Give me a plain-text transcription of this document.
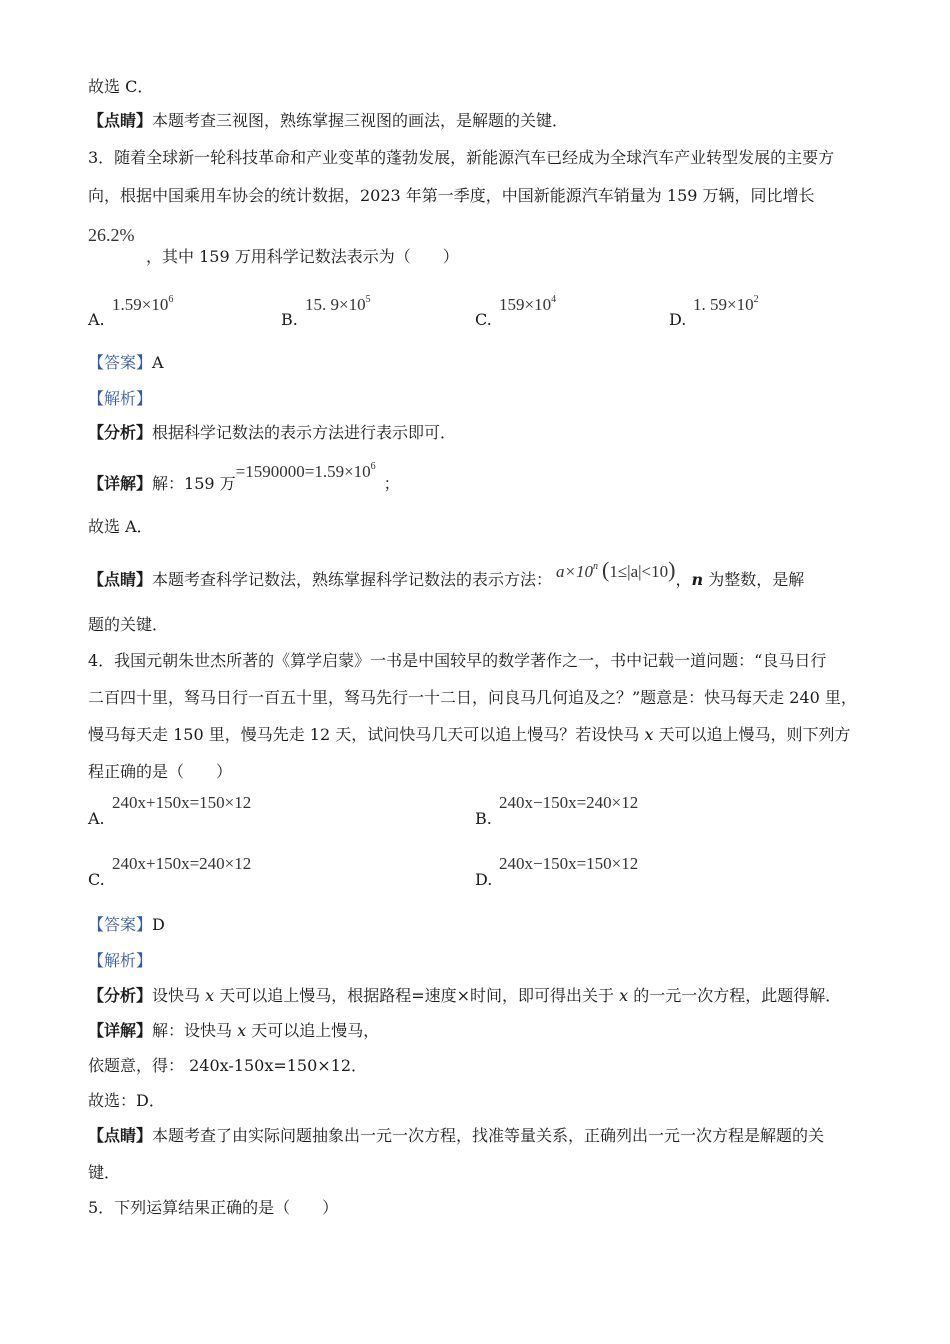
故选 C．
【点睛】本题考查三视图，熟练掌握三视图的画法，是解题的关键．
3．随着全球新一轮科技革命和产业变革的蓬勃发展，新能源汽车已经成为全球汽车产业转型发展的主要方
向，根据中国乘用车协会的统计数据，2023 年第一季度，中国新能源汽车销量为 159 万辆，同比增长
26.2%
，其中 159 万用科学记数法表示为（　　）
A.
$1.59\times 10^6$
B.
15. $9\times 10^5$
C.
$159\times 10^4$
D.
1. $59\times 10^2$
【答案】A
【解析】
【分析】根据科学记数法的表示方法进行表示即可．
【详解】解：159 万$=1590000=1.59\times 10^6$；
故选 A．
【点睛】本题考查科学记数法，熟练掌握科学记数法的表示方法： $a\times 10^n$ (1≤|a|<10)，n 为整数，是解
题的关键．
4．我国元朝朱世杰所著的《算学启蒙》一书是中国较早的数学著作之一，书中记载一道问题：“良马日行
二百四十里，驽马日行一百五十里，驽马先行一十二日，问良马几何追及之？”题意是：快马每天走 240 里，
慢马每天走 150 里，慢马先走 12 天，试问快马几天可以追上慢马？若设快马 x 天可以追上慢马，则下列方
程正确的是（　　）
A.
240x+150x=150×12
B.
240x−150x=240×12
C.
240x+150x=240×12
D.
240x−150x=150×12
【答案】D
【解析】
【分析】设快马 x 天可以追上慢马，根据路程=速度×时间，即可得出关于 x 的一元一次方程，此题得解．
【详解】解：设快马 x 天可以追上慢马，
依题意，得： 240x-150x=150×12．
故选：D．
【点睛】本题考查了由实际问题抽象出一元一次方程，找准等量关系，正确列出一元一次方程是解题的关
键．
5．下列运算结果正确的是（　　）
